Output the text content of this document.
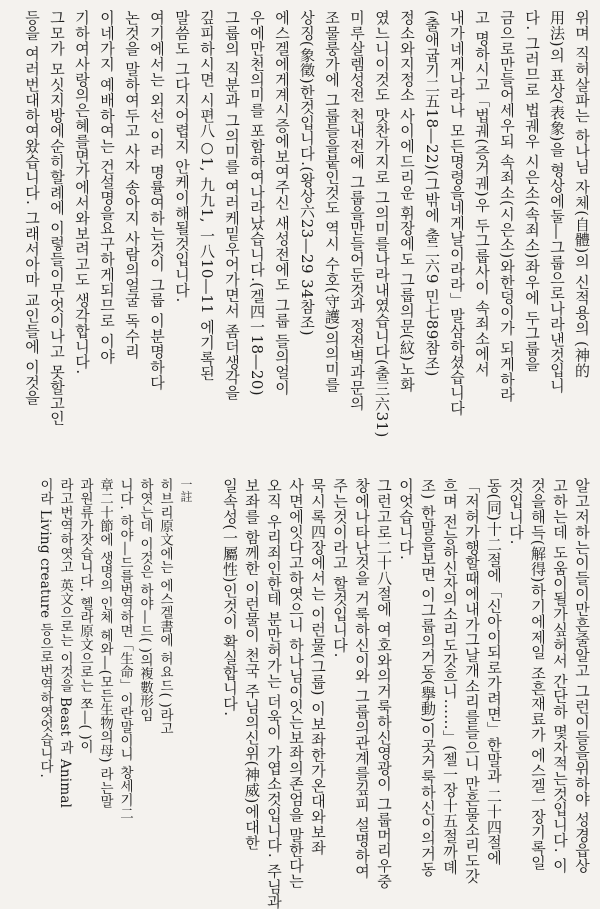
위며 직허살파는 하나님 자체(自體)의 신적용의 (神的
用法)의 표상(表象)을 형상에둘―그룹으로나라낸것입니
다. 그러므로 법궤우 시은소(속죄소)좌우에 두그룹을
금으로만들어세우되 속죄소(시은소)와한덩이가 되게하라
고 명하시고「법궤(증거궤)우 두그룹사이 속죄소에서
내가네게나라나 모든명령을네게날이라라」말삼하셨습니다
(출애굽기二五18―22)(그밖에 출二六9 민七89참조)
정소와지정소 사이에드리운 휘장에도 그룹의문(紋)노화
였느니이것도 맛찬가지로 그의미를나라내였습니다(출三六31)
미루살렘성전 천내전에 그룹을만들어둔것과 정전벽과문의
조물룽가에 그룹들을붙인것도 역시 수호(守護)의의미를
상징(象徵)한것입니다.(왕상六23―29 34참조)
에스겔에게계시증에보여주신 새성전에도 그룹 들의얼이
우에만천의미를 포함하여나라났습니다.(겔四一18―20)
그룹의 직분과 그의미를 여러케밑우어가면서 좀더생각을
깊피하시면 시편八○1, 九九1, 一八10―11 에기록된
말씀도 그다지어렵지 안케이해될것입니다.
여기에서는 외선 이러 명률여하는것이 그룹 이분명하다
논것을 말하여두고 사자 송아지 사람의얼굴 독수리
이네가지 예배하여는 건설명을요구하게되므로 이야
기하여사랑의은혜를면가에서와보려고도 생각합니다.
그모가 모싯지방에순히할례에 이렇들이무엇이나고 못할고인
등을 여러번대하여왔습니다. 그래서아마 교인들에 이것을
알고저하는이들이만흔줄알고 그런이들을위하야 성경읍상
고하는데 도움이될가싶허서 간단하 몇자적는것입니다. 이
것을해득(解得)하기에제일 조흔재료가 에스겔一장기록일
것입니다.
동(同)十二절에「신아이되로가려면」한말과 二十四절에
「저허가행할때에내가그날개소리를들으니 만흔물소리도갓
흐며 전능하신자의소리도갓흐니......」(젤一장十五절까뎨
조) 한말을보면 이그룹의거동(擧動)이곳거룩하신이의거동
이엇습니다.
그런고로二十八절에 여호와의거룩하신영광이 그룹머리우중
창에나타난것을 거룩하신이와 그룹의관계를깊피 설명하여
주는것이라고 할것입니다.
묵시록四장에서는 이런물(그룹) 이보좌한가온대와보좌
사면에잇다고하엿으니 하나님이잇는보좌의존엄을 말한다는
오직 우리죄인한테 분만허가는 더욱이 가엽소것입니다. 주님과
보좌를 함께한 이런물이 천국 주님의신위(神威)에대한
일속성(一屬性)인것이 확실합니다.
一註
히브리原文에는 에스겔書에 허요드( )라고
하엿는데 이것은 하야―드( )의複數形임
니다. 하야―드를번역하면「生命」이란말이니 창세기二
章二十節에 생명의 인체 헤와―(모든生物의母) 라는말
과원류가잣습니다. 헬라原文으로는 쪼―( )이
라고번역하엿고 英文으로는 이것을 Beast 과 Animal
이라 Living creature 등으로번역하엿엇습니다.
